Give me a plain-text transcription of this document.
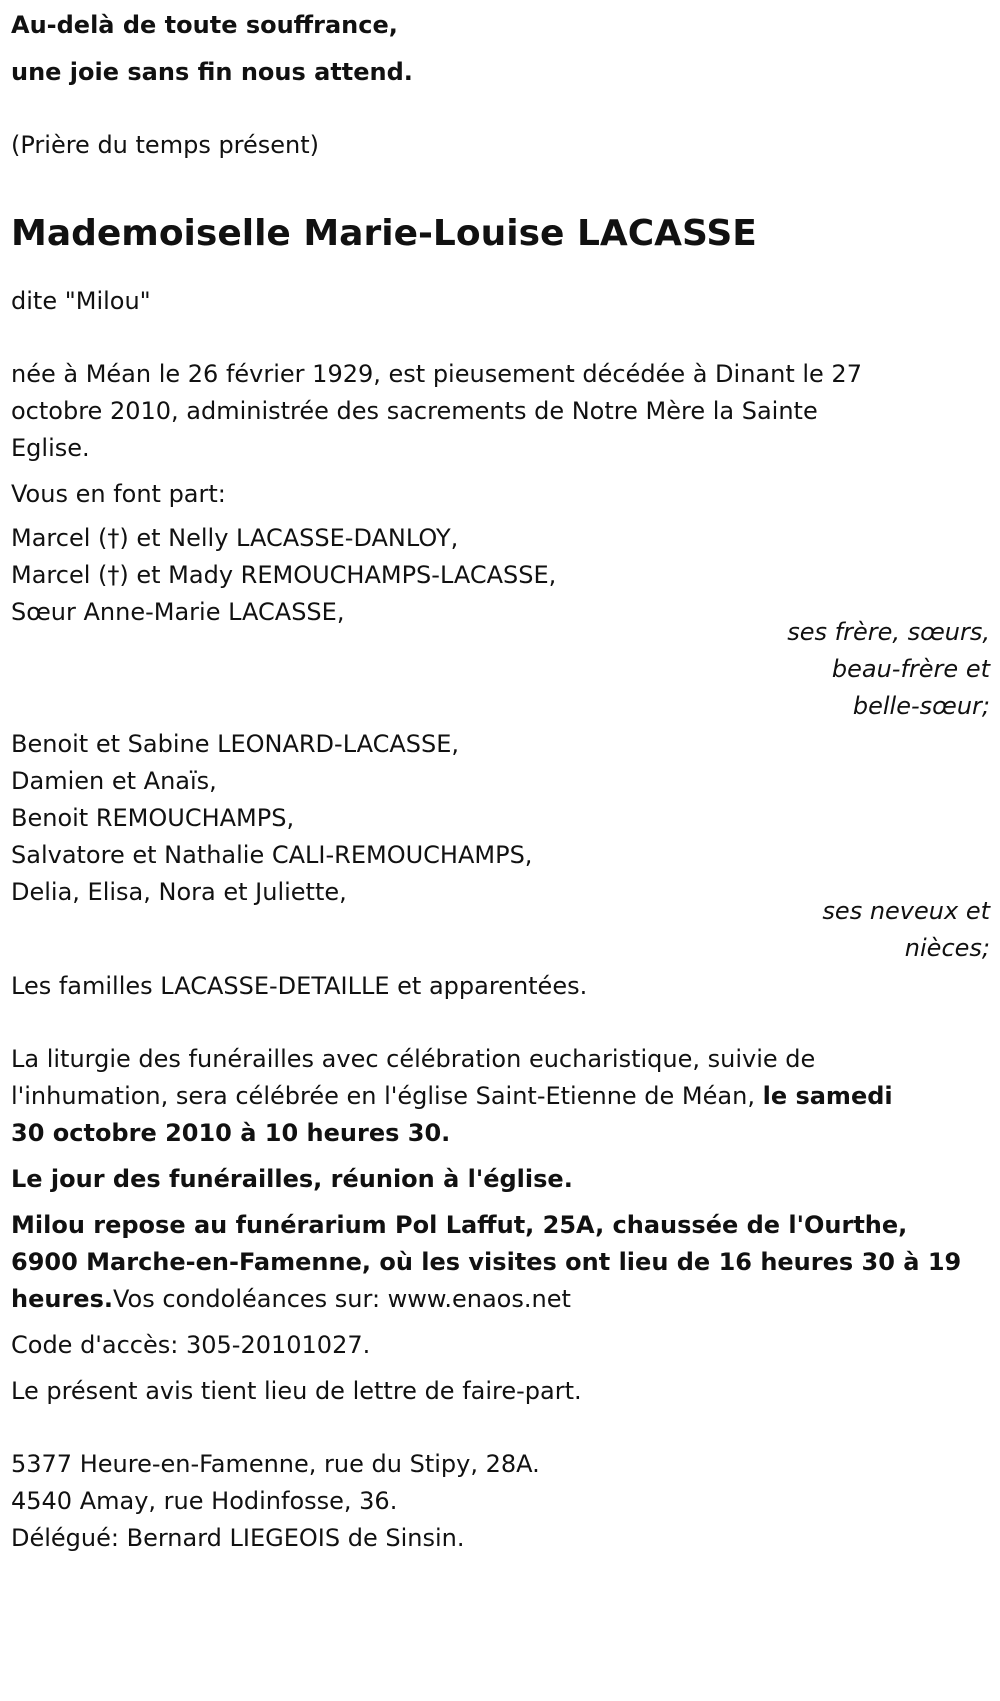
Au-delà de toute souffrance,

une joie sans fin nous attend.

(Prière du temps présent)

Mademoiselle Marie-Louise LACASSE

dite "Milou"

née à Méan le 26 février 1929, est pieusement décédée à Dinant le 27

octobre 2010, administrée des sacrements de Notre Mère la Sainte

Eglise.

Vous en font part:

Marcel (†) et Nelly LACASSE-DANLOY,

Marcel (†) et Mady REMOUCHAMPS-LACASSE,

Sœur Anne-Marie LACASSE,

ses frère, sœurs,
beau-frère et
belle-sœur;

Benoit et Sabine LEONARD-LACASSE,

Damien et Anaïs,

Benoit REMOUCHAMPS,

Salvatore et Nathalie CALI-REMOUCHAMPS,

Delia, Elisa, Nora et Juliette,

ses neveux et
nièces;

Les familles LACASSE-DETAILLE et apparentées.

La liturgie des funérailles avec célébration eucharistique, suivie de

l'inhumation, sera célébrée en l'église Saint-Etienne de Méan, le samedi

30 octobre 2010 à 10 heures 30.

Le jour des funérailles, réunion à l'église.

Milou repose au funérarium Pol Laffut, 25A, chaussée de l'Ourthe,

6900 Marche-en-Famenne, où les visites ont lieu de 16 heures 30 à 19

heures.Vos condoléances sur: www.enaos.net

Code d'accès: 305-20101027.

Le présent avis tient lieu de lettre de faire-part.

5377 Heure-en-Famenne, rue du Stipy, 28A.

4540 Amay, rue Hodinfosse, 36.

Délégué: Bernard LIEGEOIS de Sinsin.
